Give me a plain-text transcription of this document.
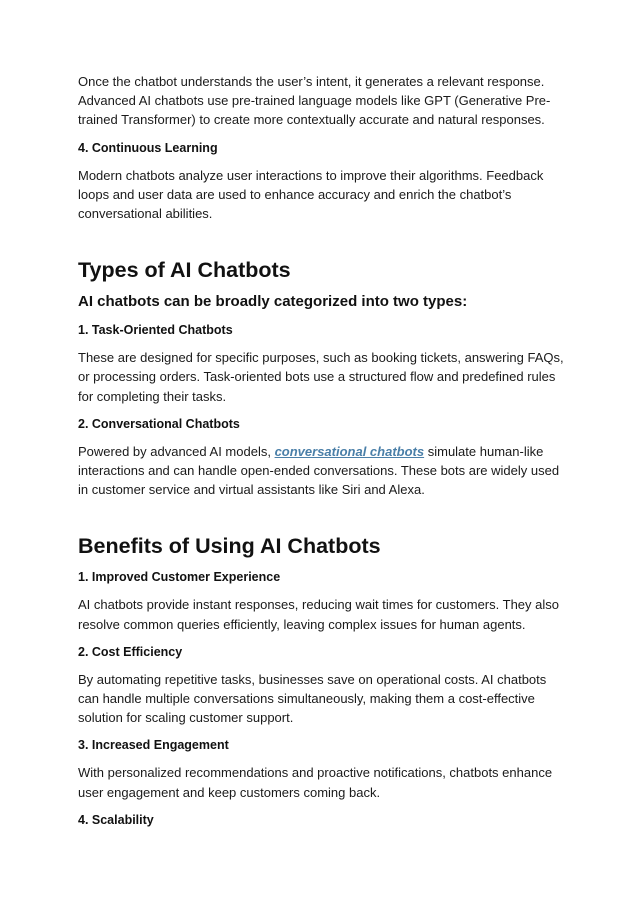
Once the chatbot understands the user’s intent, it generates a relevant response. Advanced AI chatbots use pre-trained language models like GPT (Generative Pre-trained Transformer) to create more contextually accurate and natural responses.

4. Continuous Learning

Modern chatbots analyze user interactions to improve their algorithms. Feedback loops and user data are used to enhance accuracy and enrich the chatbot’s conversational abilities.

Types of AI Chatbots
AI chatbots can be broadly categorized into two types:
1. Task-Oriented Chatbots

These are designed for specific purposes, such as booking tickets, answering FAQs, or processing orders. Task-oriented bots use a structured flow and predefined rules for completing their tasks.

2. Conversational Chatbots

Powered by advanced AI models, conversational chatbots simulate human-like interactions and can handle open-ended conversations. These bots are widely used in customer service and virtual assistants like Siri and Alexa.

Benefits of Using AI Chatbots
1. Improved Customer Experience

AI chatbots provide instant responses, reducing wait times for customers. They also resolve common queries efficiently, leaving complex issues for human agents.

2. Cost Efficiency

By automating repetitive tasks, businesses save on operational costs. AI chatbots can handle multiple conversations simultaneously, making them a cost-effective solution for scaling customer support.

3. Increased Engagement

With personalized recommendations and proactive notifications, chatbots enhance user engagement and keep customers coming back.

4. Scalability
